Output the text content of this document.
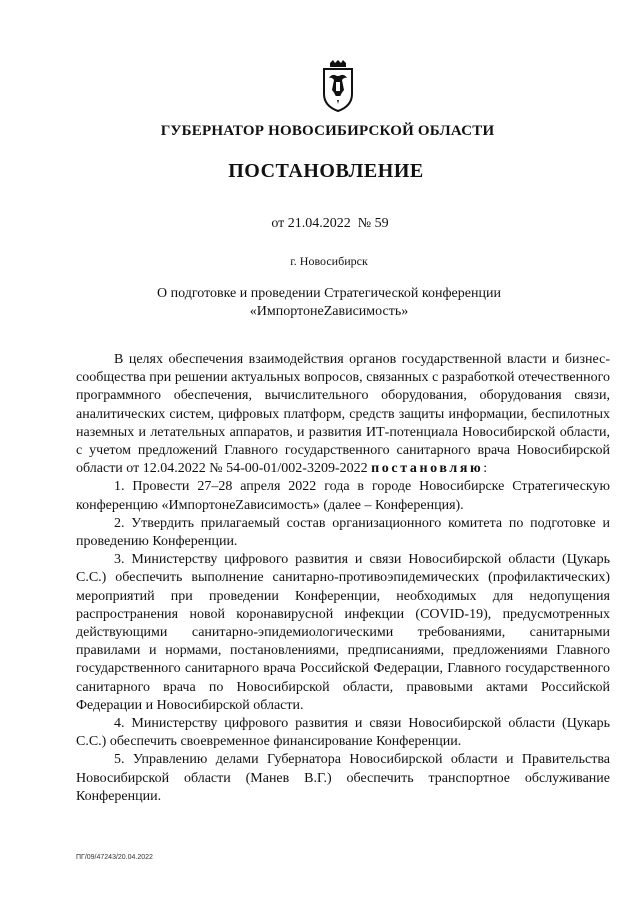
ГУБЕРНАТОР НОВОСИБИРСКОЙ ОБЛАСТИ
ПОСТАНОВЛЕНИЕ
от 21.04.2022 № 59
г. Новосибирск
О подготовке и проведении Стратегической конференции
«ИмпортонеZависимость»

В целях обеспечения взаимодействия органов государственной власти и бизнес-сообщества при решении актуальных вопросов, связанных с разработкой отечественного программного обеспечения, вычислительного оборудования, оборудования связи, аналитических систем, цифровых платформ, средств защиты информации, беспилотных наземных и летательных аппаратов, и развития ИТ-потенциала Новосибирской области, с учетом предложений Главного государственного санитарного врача Новосибирской области от 12.04.2022 № 54-00-01/002-3209-2022 постановляю:

1. Провести 27–28 апреля 2022 года в городе Новосибирске Стратегическую конференцию «ИмпортонеZависимость» (далее – Конференция).

2. Утвердить прилагаемый состав организационного комитета по подготовке и проведению Конференции.

3. Министерству цифрового развития и связи Новосибирской области (Цукарь С.С.) обеспечить выполнение санитарно-противоэпидемических (профилактических) мероприятий при проведении Конференции, необходимых для недопущения распространения новой коронавирусной инфекции (COVID-19), предусмотренных действующими санитарно-эпидемиологическими требованиями, санитарными правилами и нормами, постановлениями, предписаниями, предложениями Главного государственного санитарного врача Российской Федерации, Главного государственного санитарного врача по Новосибирской области, правовыми актами Российской Федерации и Новосибирской области.

4. Министерству цифрового развития и связи Новосибирской области (Цукарь С.С.) обеспечить своевременное финансирование Конференции.

5. Управлению делами Губернатора Новосибирской области и Правительства Новосибирской области (Манев В.Г.) обеспечить транспортное обслуживание Конференции.

ПГ/09/47243/20.04.2022
